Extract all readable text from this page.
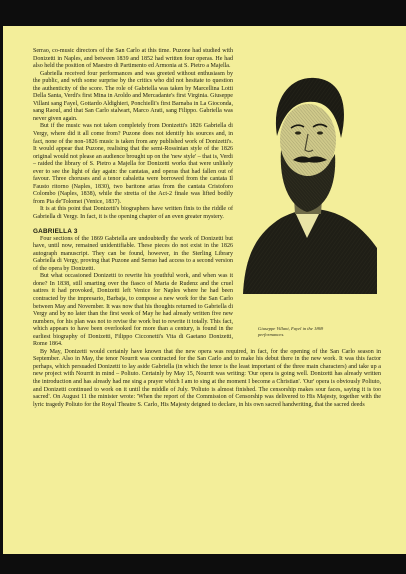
Serrao, co-music directors of the San Carlo at this time. Puzone had studied with Donizetti in Naples, and between 1839 and 1852 had written four operas. He had also held the position of Maestro di Partimento ed Armonia at S. Pietro a Majella.

Gabriella received four performances and was greeted without enthusiasm by the public, and with some surprise by the critics who did not hesitate to question the authenticity of the score. The role of Gabriella was taken by Marcellina Lotti Della Santa, Verdi's first Mina in Aroldo and Mercadante's first Virginia. Giuseppe Villani sang Fayel, Gottardo Aldighieri, Ponchielli's first Barnaba in La Gioconda, sang Raoul, and that San Carlo stalwart, Marco Arati, sang Filippo. Gabriella was never given again.

But if the music was not taken completely from Donizetti's 1826 Gabriella di Vergy, where did it all come from? Puzone does not identify his sources and, in fact, none of the non-1826 music is taken from any published work of Donizetti's. It would appear that Puzone, realising that the semi-Rossinian style of the 1826 original would not please an audience brought up on the 'new style' – that is, Verdi – raided the library of S. Pietro a Majella for Donizetti works that were unlikely ever to see the light of day again: the cantatas, and operas that had fallen out of favour. Three choruses and a tenor cabaletta were borrowed from the cantata Il Fausto ritorno (Naples, 1830), two baritone arias from the cantata Cristoforo Colombo (Naples, 1838), while the stretta of the Act-2 finale was lifted bodily from Pia de'Tolomei (Venice, 1837).

It is at this point that Donizetti's biographers have written finis to the riddle of Gabriella di Vergy. In fact, it is the opening chapter of an even greater mystery.

GABRIELLA 3

Four sections of the 1869 Gabriella are undoubtedly the work of Donizetti but have, until now, remained unidentifiable. These pieces do not exist in the 1826 autograph manuscript. They can be found, however, in the Sterling Library Gabriella di Vergy, proving that Puzone and Serrao had access to a second version of the opera by Donizetti.

But what occasioned Donizetti to rewrite his youthful work, and when was it done? In 1838, still smarting over the fiasco of Maria de Rudenz and the cruel satires it had provoked, Donizetti left Venice for Naples where he had been contracted by the impresario, Barbaja, to compose a new work for the San Carlo between May and November. It was now that his thoughts returned to Gabriella di Vergy and by no later than the first week of May he had already written five new numbers, for his plan was not to revise the work but to rewrite it totally. This fact, which appears to have been overlooked for more than a century, is found in the earliest biography of Donizetti, Filippo Cicconetti's Vita di Gaetano Donizetti, Rome 1864.

By May, Donizetti would certainly have known that the new opera was required, in fact, for the opening of the San Carlo season in September. Also in May, the tenor Nourrit was contracted for the San Carlo and to make his debut there in the new work. It was this factor perhaps, which persuaded Donizetti to lay aside Gabriella (in which the tenor is the least important of the three main characters) and take up a new project with Nourrit in mind – Poliuto. Certainly by May 15, Nourrit was writing: 'Our opera is going well. Donizetti has already written the introduction and has already had me sing a prayer which I am to sing at the moment I become a Christian'. 'Our' opera is obviously Poliuto, and Donizetti continued to work on it until the middle of July. 'Poliuto is almost finished. The censorship makes sour faces, saying it is too sacred'. On August 11 the minister wrote: 'When the report of the Commission of Censorship was delivered to His Majesty, together with the lyric tragedy Poliuto for the Royal Theatre S. Carlo, His Majesty deigned to declare, in his own sacred handwriting, that the sacred deeds

Giuseppe Villani, Fayel in the 1869 performances.
